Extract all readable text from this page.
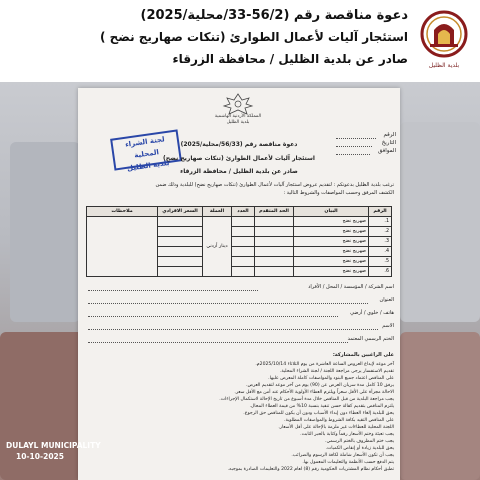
بلدية الظليل
دعوة مناقصة رقم (56/2-33/محلية/2025)
استئجار آليات لأعمال الطوارئ (تنكات صهاريج نضح )
صادر عن بلدية الظليل / محافظة الزرقاء
المملكة الأردنية الهاشمية
بلدية الظليل
الرقم
التاريخ
الموافق
لجنة الشراء المحلية
بلدية الظليل
دعوة مناقصة رقم (56/33/محلية/2025)
استئجار آليات لأعمال الطوارئ (تنكات صهاريج نضح)
صادر عن بلدية الظليل / محافظة الزرقاء
ترغب بلدية الظليل بدعوتكم : لتقديم عروض استئجار آليات لأعمال الطوارئ (تنكات صهاريج نضح) للبلدية وذلك ضمن
الكشف المرفق وحسب المواصفات والشروط التالية :
الرقم	البيان	الحد المتقدم	العدد	العملة	السعر الافرادي	ملاحظات
1.	صهريج نضح			دينار أردني		
2.	صهريج نضح					
3.	صهريج نضح					
4.	صهريج نضح					
5.	صهريج نضح					
6.	صهريج نضح					
اسم الشركة / المؤسسة / المحل / الأفراد
العنوان
هاتف / خلوي / أرضي
الاسم
الختم الرسمي المعتمد
على الراغبين بالمشاركة:
آخر موعد لإيداع العروض الساعة العاشرة من يوم الثلاثاء 2025/10/14م.
تقديم الاستفسار يرجى مراجعة اللجنة / لجنة الشراء المحلية.
على المناقص اعتماد جميع البنود والمواصفات كاملة المعرض عليها.
يرفق 10 كامل مدة سريان العرض عن (90) يوم من آخر موعد لتقديم العرض.
الاحالة مجزأة على الأقل سعراً ويلتزم العطاء الأولوية الأحكام عند أمن مع الأقل سعر.
يجب مراجعة البلدية من قبل المناقص خلال مدة أسبوع من تاريخ الإحالة لاستكمال الإجراءات.
يلتزم المناقص بتقديم كفالة حسن تنفيذ بنسبة 10% من قيمة العطاء المحال.
يحق للبلدية إلغاء العطاء دون إبداء الأسباب ودون أن يكون للمناقص حق الرجوع.
على المناقص التقيد بكافة الشروط والمواصفات المطلوبة.
اللجنة المحلية للعطاءات غير ملزمة بالإحالة على أقل الأسعار.
يجب تعبئة وختم الأسعار رقماً وكتابة بالحبر الثابت.
يجب ختم المظروف بالختم الرسمي.
يحق للبلدية زيادة أو إنقاص الكميات.
يجب أن تكون الأسعار شاملة لكافة الرسوم والضرائب.
يتم الدفع حسب الأنظمة والتعليمات المعمول بها.
تطبق أحكام نظام المشتريات الحكومية رقم (8) لعام 2022 والتعليمات الصادرة بموجبه.
DULAYL MUNICIPALITY
10-10-2025
